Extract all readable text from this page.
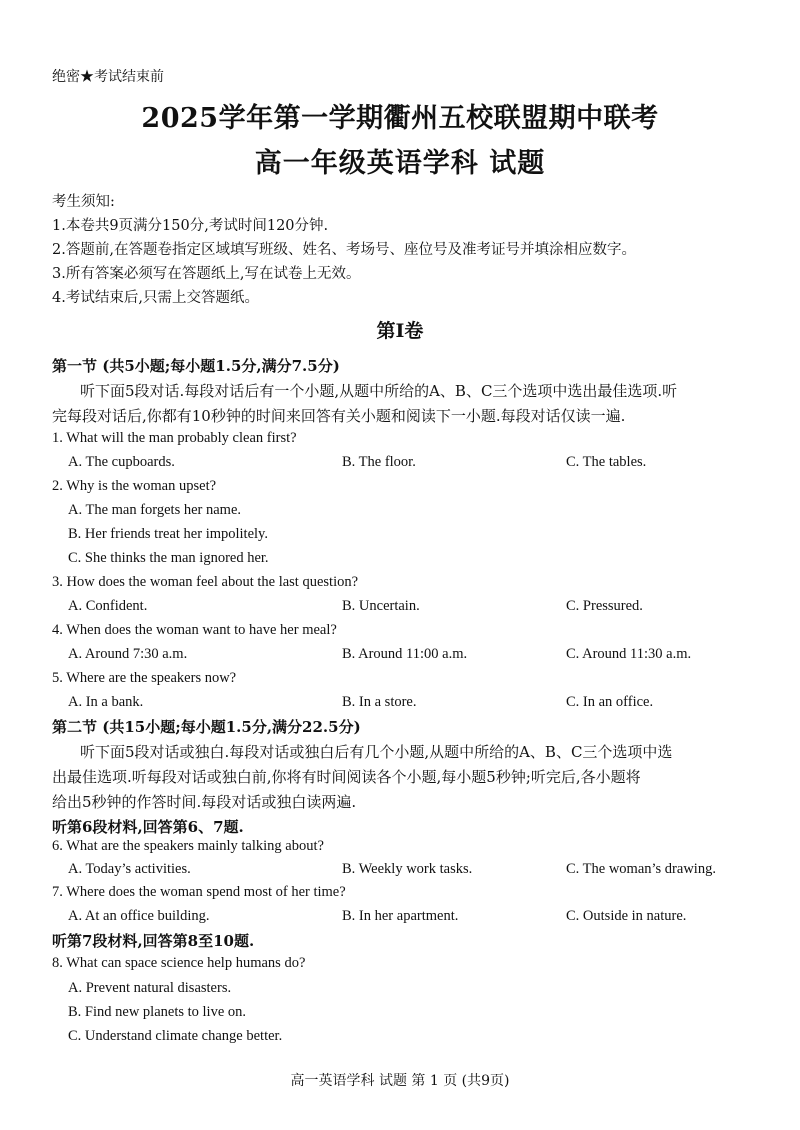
绝密★考试结束前
2025学年第一学期衢州五校联盟期中联考
高一年级英语学科 试题
考生须知:
1.本卷共9页满分150分,考试时间120分钟.
2.答题前,在答题卷指定区域填写班级、姓名、考场号、座位号及准考证号并填涂相应数字。
3.所有答案必须写在答题纸上,写在试卷上无效。
4.考试结束后,只需上交答题纸。
第I卷
第一节 (共5小题;每小题1.5分,满分7.5分)
听下面5段对话.每段对话后有一个小题,从题中所给的A、B、C三个选项中选出最佳选项.听
完每段对话后,你都有10秒钟的时间来回答有关小题和阅读下一小题.每段对话仅读一遍.
1. What will the man probably clean first?
A. The cupboards.	B. The floor.	C. The tables.
2. Why is the woman upset?
A. The man forgets her name.
B. Her friends treat her impolitely.
C. She thinks the man ignored her.
3. How does the woman feel about the last question?
A. Confident.	B. Uncertain.	C. Pressured.
4. When does the woman want to have her meal?
A. Around 7:30 a.m.	B. Around 11:00 a.m.	C. Around 11:30 a.m.
5. Where are the speakers now?
A. In a bank.	B. In a store.	C. In an office.
第二节 (共15小题;每小题1.5分,满分22.5分)
听下面5段对话或独白.每段对话或独白后有几个小题,从题中所给的A、B、C三个选项中选
出最佳选项.听每段对话或独白前,你将有时间阅读各个小题,每小题5秒钟;听完后,各小题将
给出5秒钟的作答时间.每段对话或独白读两遍.
听第6段材料,回答第6、7题.
6. What are the speakers mainly talking about?
A. Today’s activities.	B. Weekly work tasks.	C. The woman’s drawing.
7. Where does the woman spend most of her time?
A. At an office building.	B. In her apartment.	C. Outside in nature.
听第7段材料,回答第8至10题.
8. What can space science help humans do?
A. Prevent natural disasters.
B. Find new planets to live on.
C. Understand climate change better.
高一英语学科 试题 第 1 页 (共9页)
